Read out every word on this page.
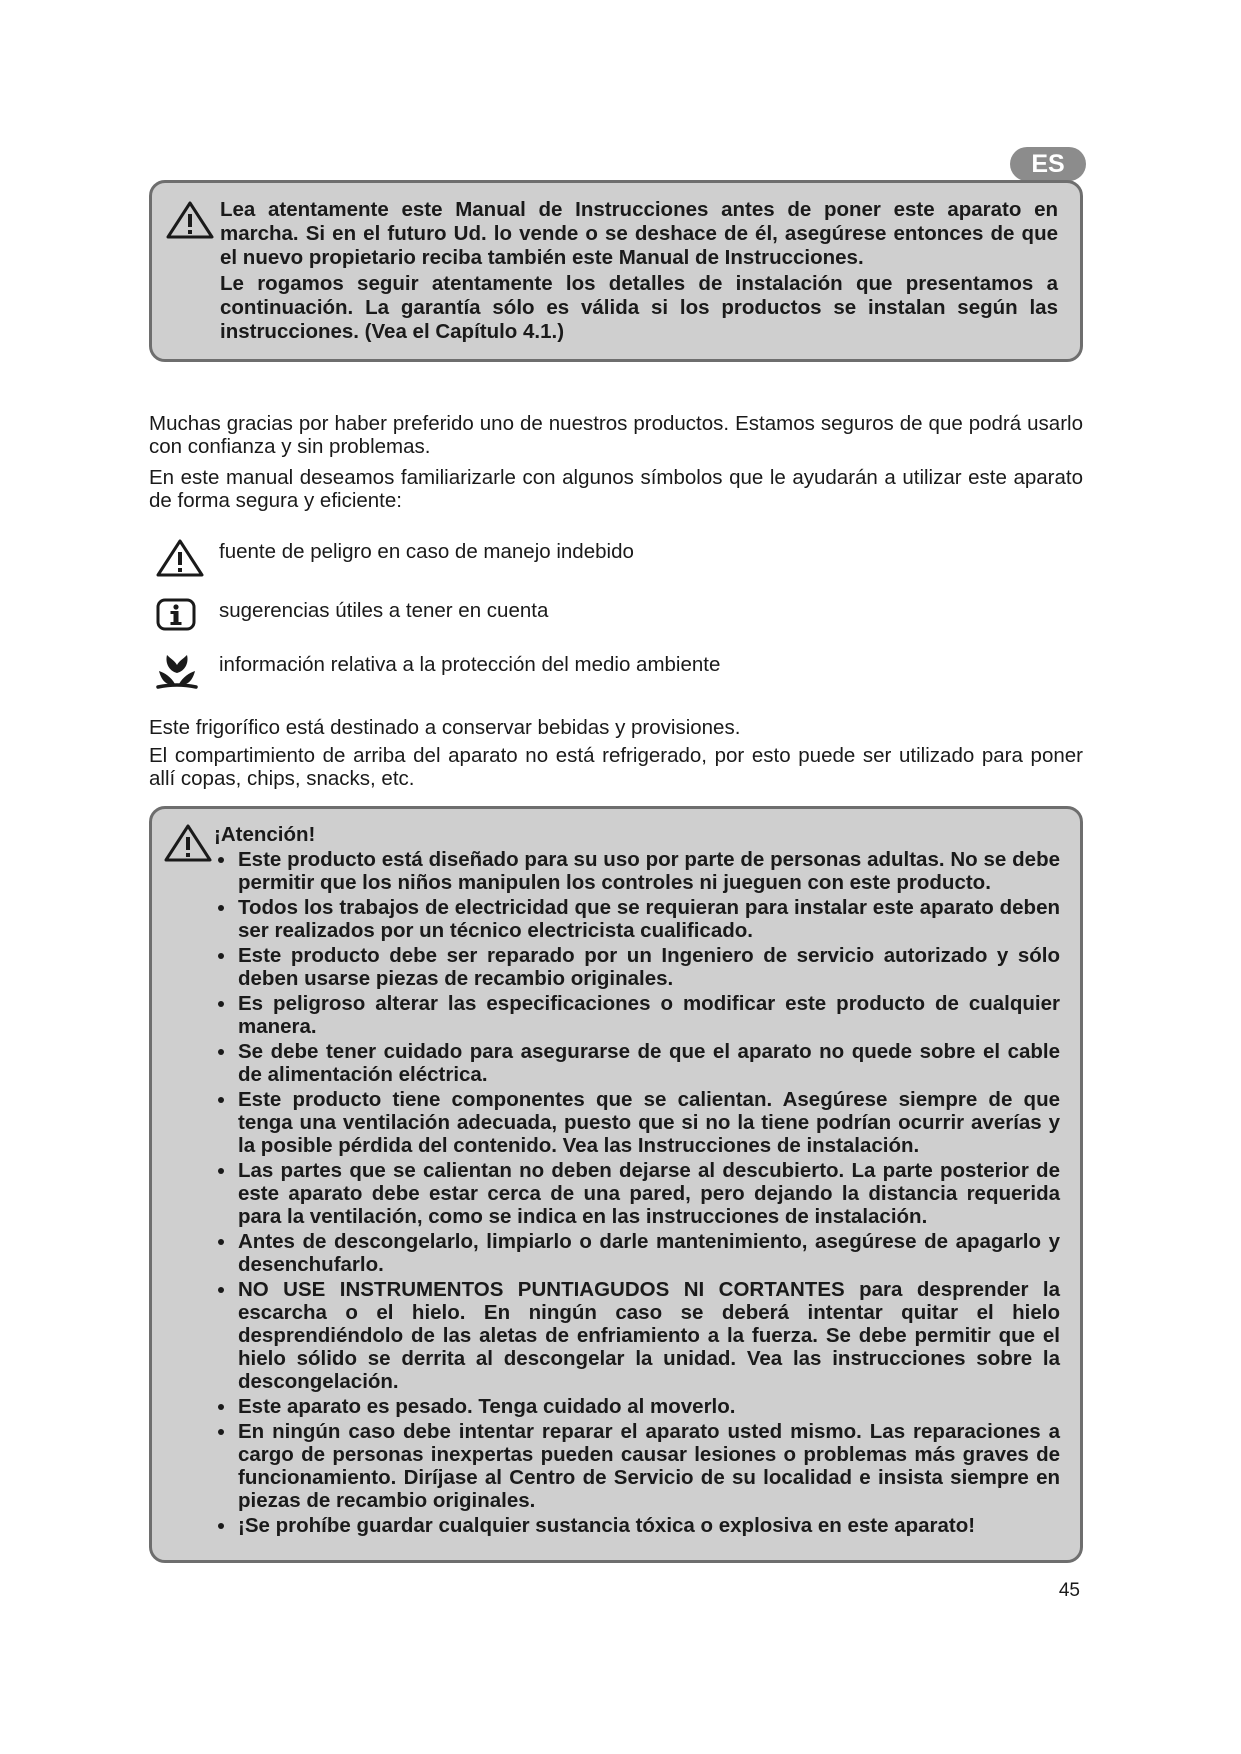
ES

Lea atentamente este Manual de Instrucciones antes de poner este aparato en marcha. Si en el futuro Ud. lo vende o se deshace de él, asegúrese entonces de que el nuevo propietario reciba también este Manual de Instrucciones.

Le rogamos seguir atentamente los detalles de instalación que presentamos a continuación. La garantía sólo es válida si los productos se instalan según las instrucciones. (Vea el Capítulo 4.1.)

Muchas gracias por haber preferido uno de nuestros productos. Estamos seguros de que podrá usarlo con confianza y sin problemas.

En este manual deseamos familiarizarle con algunos símbolos que le ayudarán a utilizar este aparato de forma segura y eficiente:

fuente de peligro en caso de manejo indebido
sugerencias útiles a tener en cuenta
información relativa a la protección del medio ambiente

Este frigorífico está destinado a conservar bebidas y provisiones.

El compartimiento de arriba del aparato no está refrigerado, por esto puede ser utilizado para poner allí copas, chips, snacks, etc.

¡Atención!

Este producto está diseñado para su uso por parte de personas adultas. No se debe permitir que los niños manipulen los controles ni jueguen con este producto.
Todos los trabajos de electricidad que se requieran para instalar este aparato deben ser realizados por un técnico electricista cualificado.
Este producto debe ser reparado por un Ingeniero de servicio autorizado y sólo deben usarse piezas de recambio originales.
Es peligroso alterar las especificaciones o modificar este producto de cualquier manera.
Se debe tener cuidado para asegurarse de que el aparato no quede sobre el cable de alimentación eléctrica.
Este producto tiene componentes que se calientan. Asegúrese siempre de que tenga una ventilación adecuada, puesto que si no la tiene podrían ocurrir averías y la posible pérdida del contenido. Vea las Instrucciones de instalación.
Las partes que se calientan no deben dejarse al descubierto. La parte posterior de este aparato debe estar cerca de una pared, pero dejando la distancia requerida para la ventilación, como se indica en las instrucciones de instalación.
Antes de descongelarlo, limpiarlo o darle mantenimiento, asegúrese de apagarlo y desenchufarlo.
NO USE INSTRUMENTOS PUNTIAGUDOS NI CORTANTES para desprender la escarcha o el hielo. En ningún caso se deberá intentar quitar el hielo desprendiéndolo de las aletas de enfriamiento a la fuerza. Se debe permitir que el hielo sólido se derrita al descongelar la unidad. Vea las instrucciones sobre la descongelación.
Este aparato es pesado. Tenga cuidado al moverlo.
En ningún caso debe intentar reparar el aparato usted mismo. Las reparaciones a cargo de personas inexpertas pueden causar lesiones o problemas más graves de funcionamiento. Diríjase al Centro de Servicio de su localidad e insista siempre en piezas de recambio originales.
¡Se prohíbe guardar cualquier sustancia tóxica o explosiva en este aparato!
45
